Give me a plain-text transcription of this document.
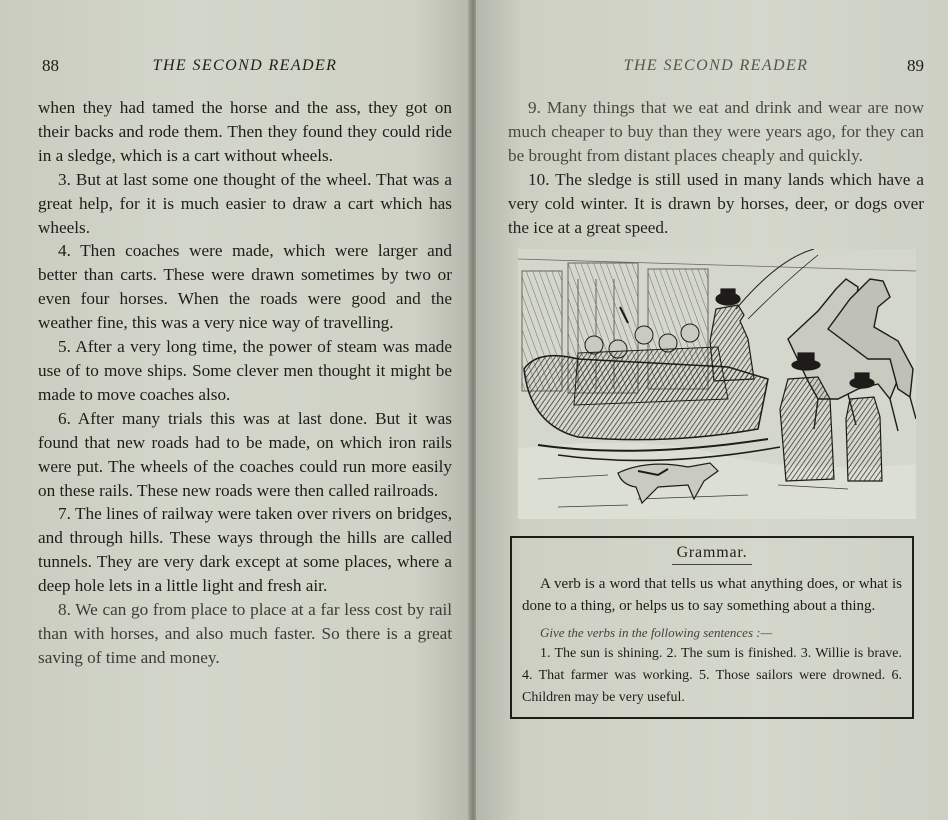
88	THE SECOND READER

when they had tamed the horse and the ass, they got on their backs and rode them. Then they found they could ride in a sledge, which is a cart without wheels.

3. But at last some one thought of the wheel. That was a great help, for it is much easier to draw a cart which has wheels.

4. Then coaches were made, which were larger and better than carts. These were drawn sometimes by two or even four horses. When the roads were good and the weather fine, this was a very nice way of travelling.

5. After a very long time, the power of steam was made use of to move ships. Some clever men thought it might be made to move coaches also.

6. After many trials this was at last done. But it was found that new roads had to be made, on which iron rails were put. The wheels of the coaches could run more easily on these rails. These new roads were then called railroads.

7. The lines of railway were taken over rivers on bridges, and through hills. These ways through the hills are called tunnels. They are very dark except at some places, where a deep hole lets in a little light and fresh air.

8. We can go from place to place at a far less cost by rail than with horses, and also much faster. So there is a great saving of time and money.

THE SECOND READER	89

9. Many things that we eat and drink and wear are now much cheaper to buy than they were years ago, for they can be brought from distant places cheaply and quickly.

10. The sledge is still used in many lands which have a very cold winter. It is drawn by horses, deer, or dogs over the ice at a great speed.

Grammar.

A verb is a word that tells us what anything does, or what is done to a thing, or helps us to say something about a thing.

Give the verbs in the following sentences :—

1. The sun is shining. 2. The sum is finished. 3. Willie is brave. 4. That farmer was working. 5. Those sailors were drowned. 6. Children may be very useful.
